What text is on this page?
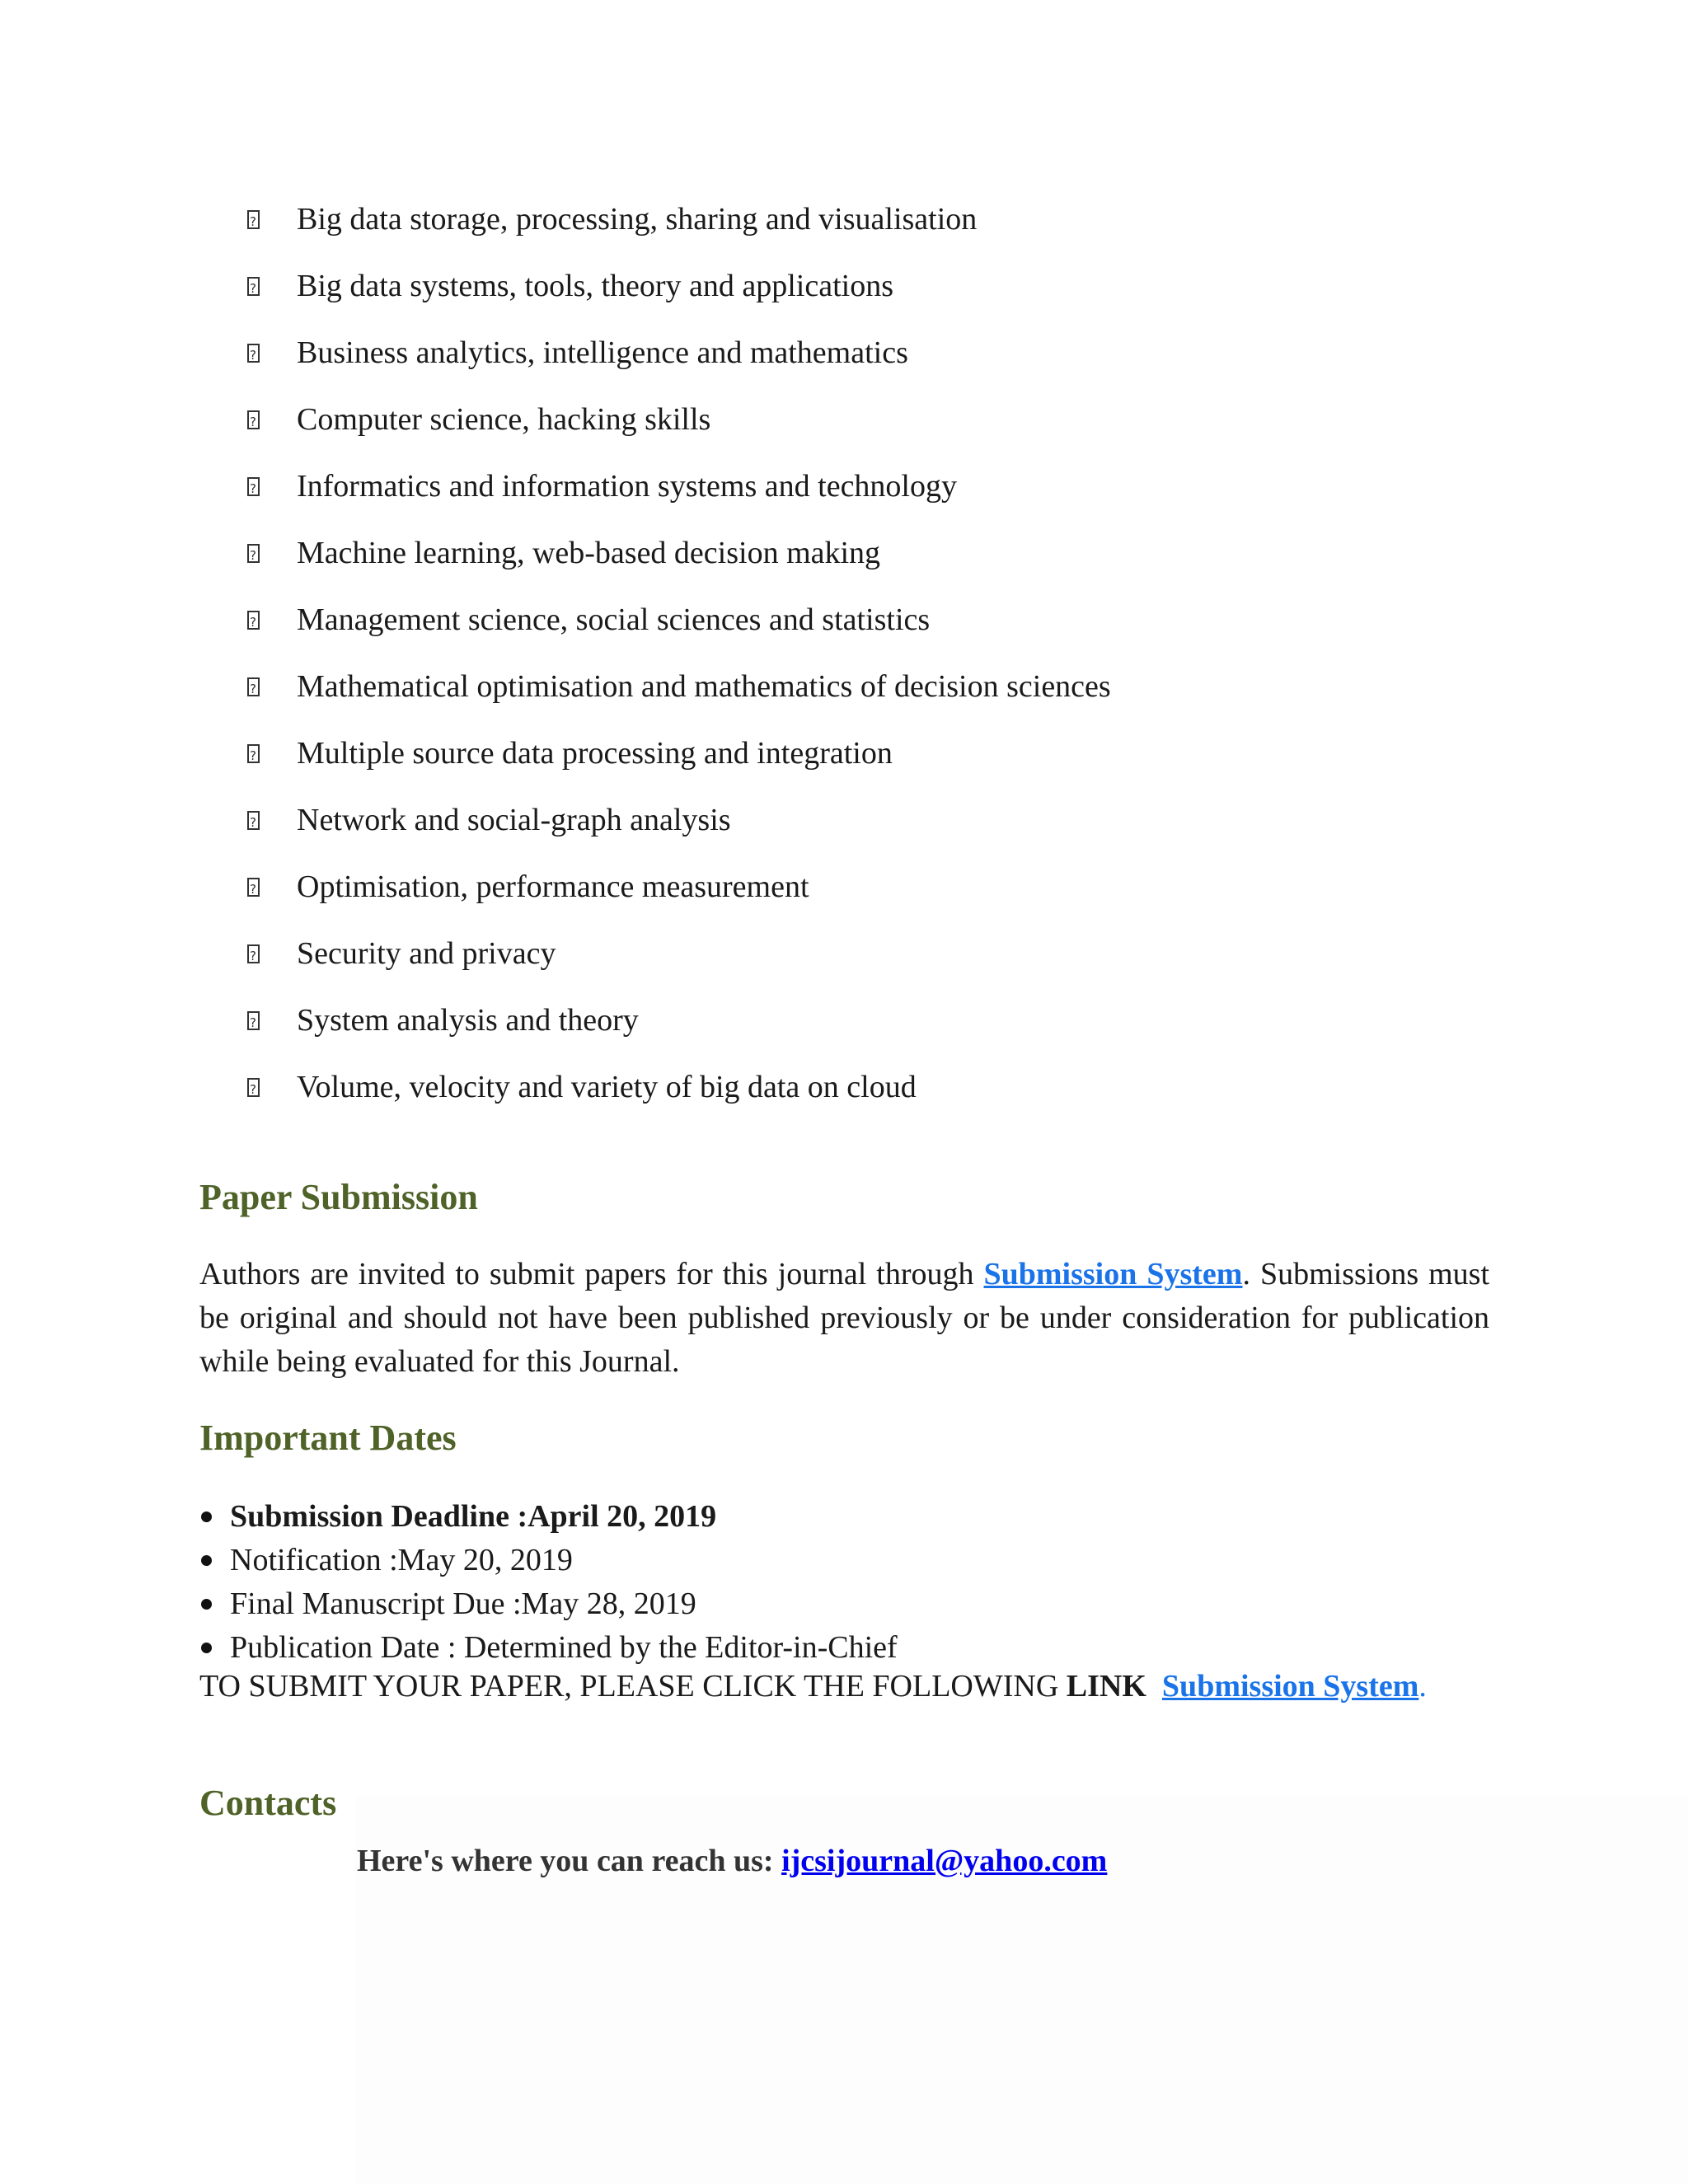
?
Big data storage, processing, sharing and visualisation
?
Big data systems, tools, theory and applications
?
Business analytics, intelligence and mathematics
?
Computer science, hacking skills
?
Informatics and information systems and technology
?
Machine learning, web-based decision making
?
Management science, social sciences and statistics
?
Mathematical optimisation and mathematics of decision sciences
?
Multiple source data processing and integration
?
Network and social-graph analysis
?
Optimisation, performance measurement
?
Security and privacy
?
System analysis and theory
?
Volume, velocity and variety of big data on cloud
Paper Submission

Authors are invited to submit papers for this journal through Submission System. Submissions must be original and should not have been published previously or be under consideration for publication while being evaluated for this Journal.

Important Dates
Submission Deadline :April 20, 2019
Notification :May 20, 2019
Final Manuscript Due :May 28, 2019
Publication Date : Determined by the Editor-in-Chief

TO SUBMIT YOUR PAPER, PLEASE CLICK THE FOLLOWING LINK Submission System.

Contacts

Here's where you can reach us: ijcsijournal@yahoo.com
